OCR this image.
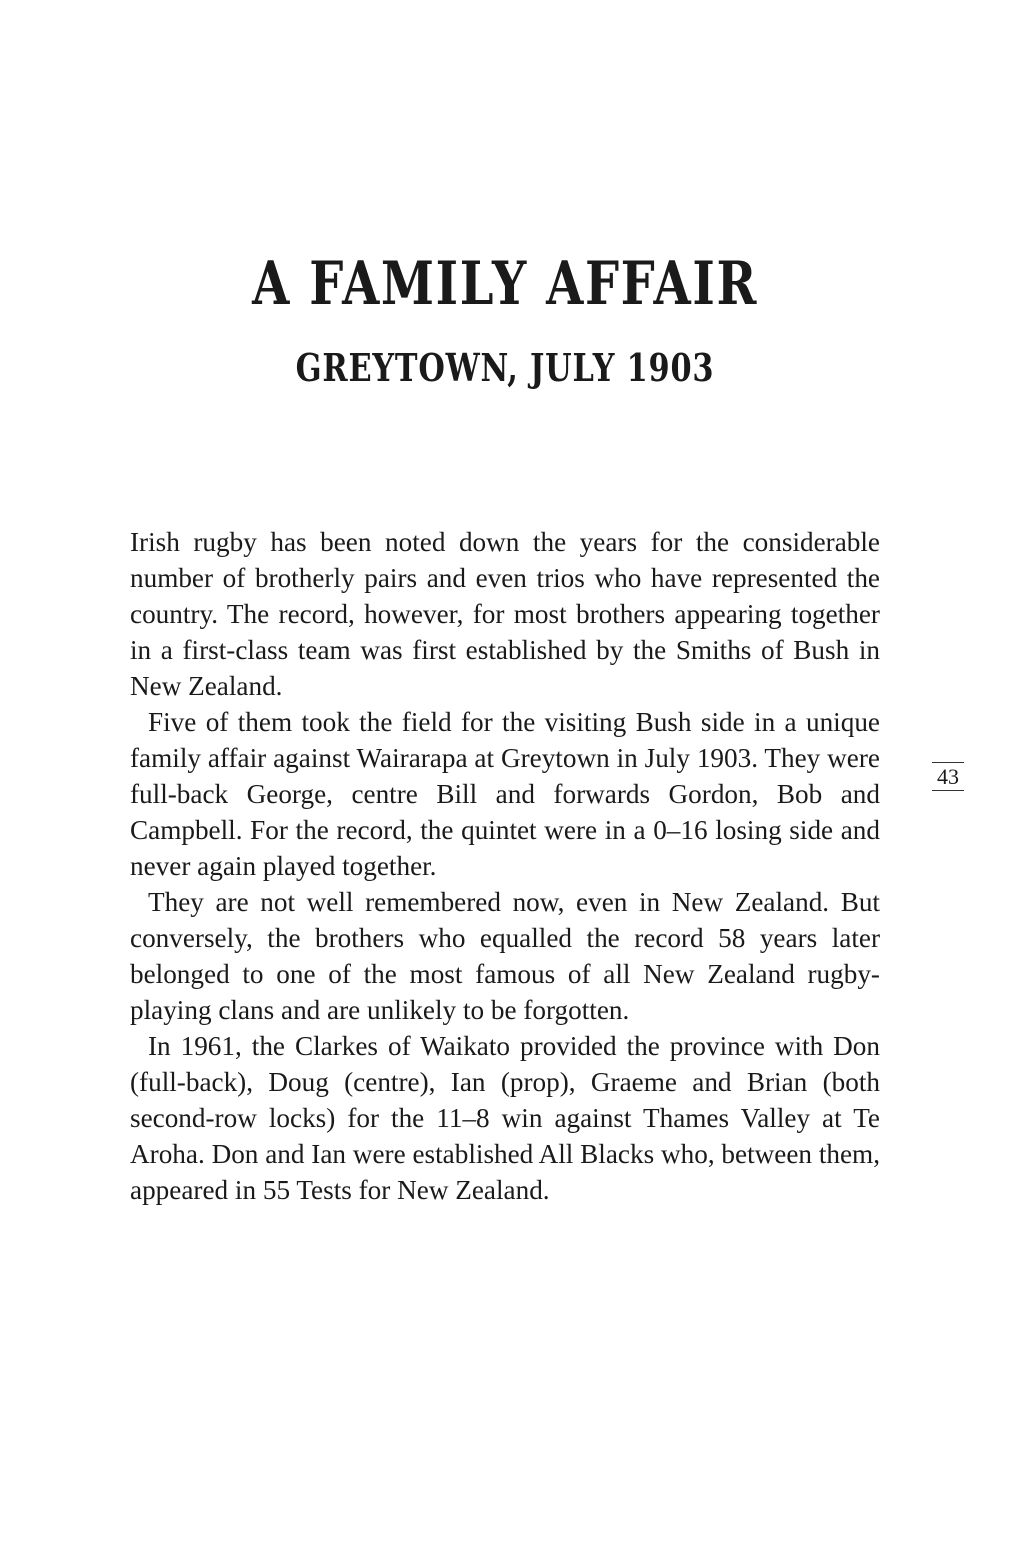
A FAMILY AFFAIR
GREYTOWN, JULY 1903

Irish rugby has been noted down the years for the considerable number of brotherly pairs and even trios who have represented the country. The record, however, for most brothers appearing together in a first-class team was first established by the Smiths of Bush in New Zealand.

Five of them took the field for the visiting Bush side in a unique family affair against Wairarapa at Greytown in July 1903. They were full-back George, centre Bill and forwards Gordon, Bob and Campbell. For the record, the quintet were in a 0–16 losing side and never again played together.

They are not well remembered now, even in New Zealand. But conversely, the brothers who equalled the record 58 years later belonged to one of the most famous of all New Zealand rugby-playing clans and are unlikely to be forgotten.

In 1961, the Clarkes of Waikato provided the province with Don (full-back), Doug (centre), Ian (prop), Graeme and Brian (both second-row locks) for the 11–8 win against Thames Valley at Te Aroha. Don and Ian were established All Blacks who, between them, appeared in 55 Tests for New Zealand.

43
